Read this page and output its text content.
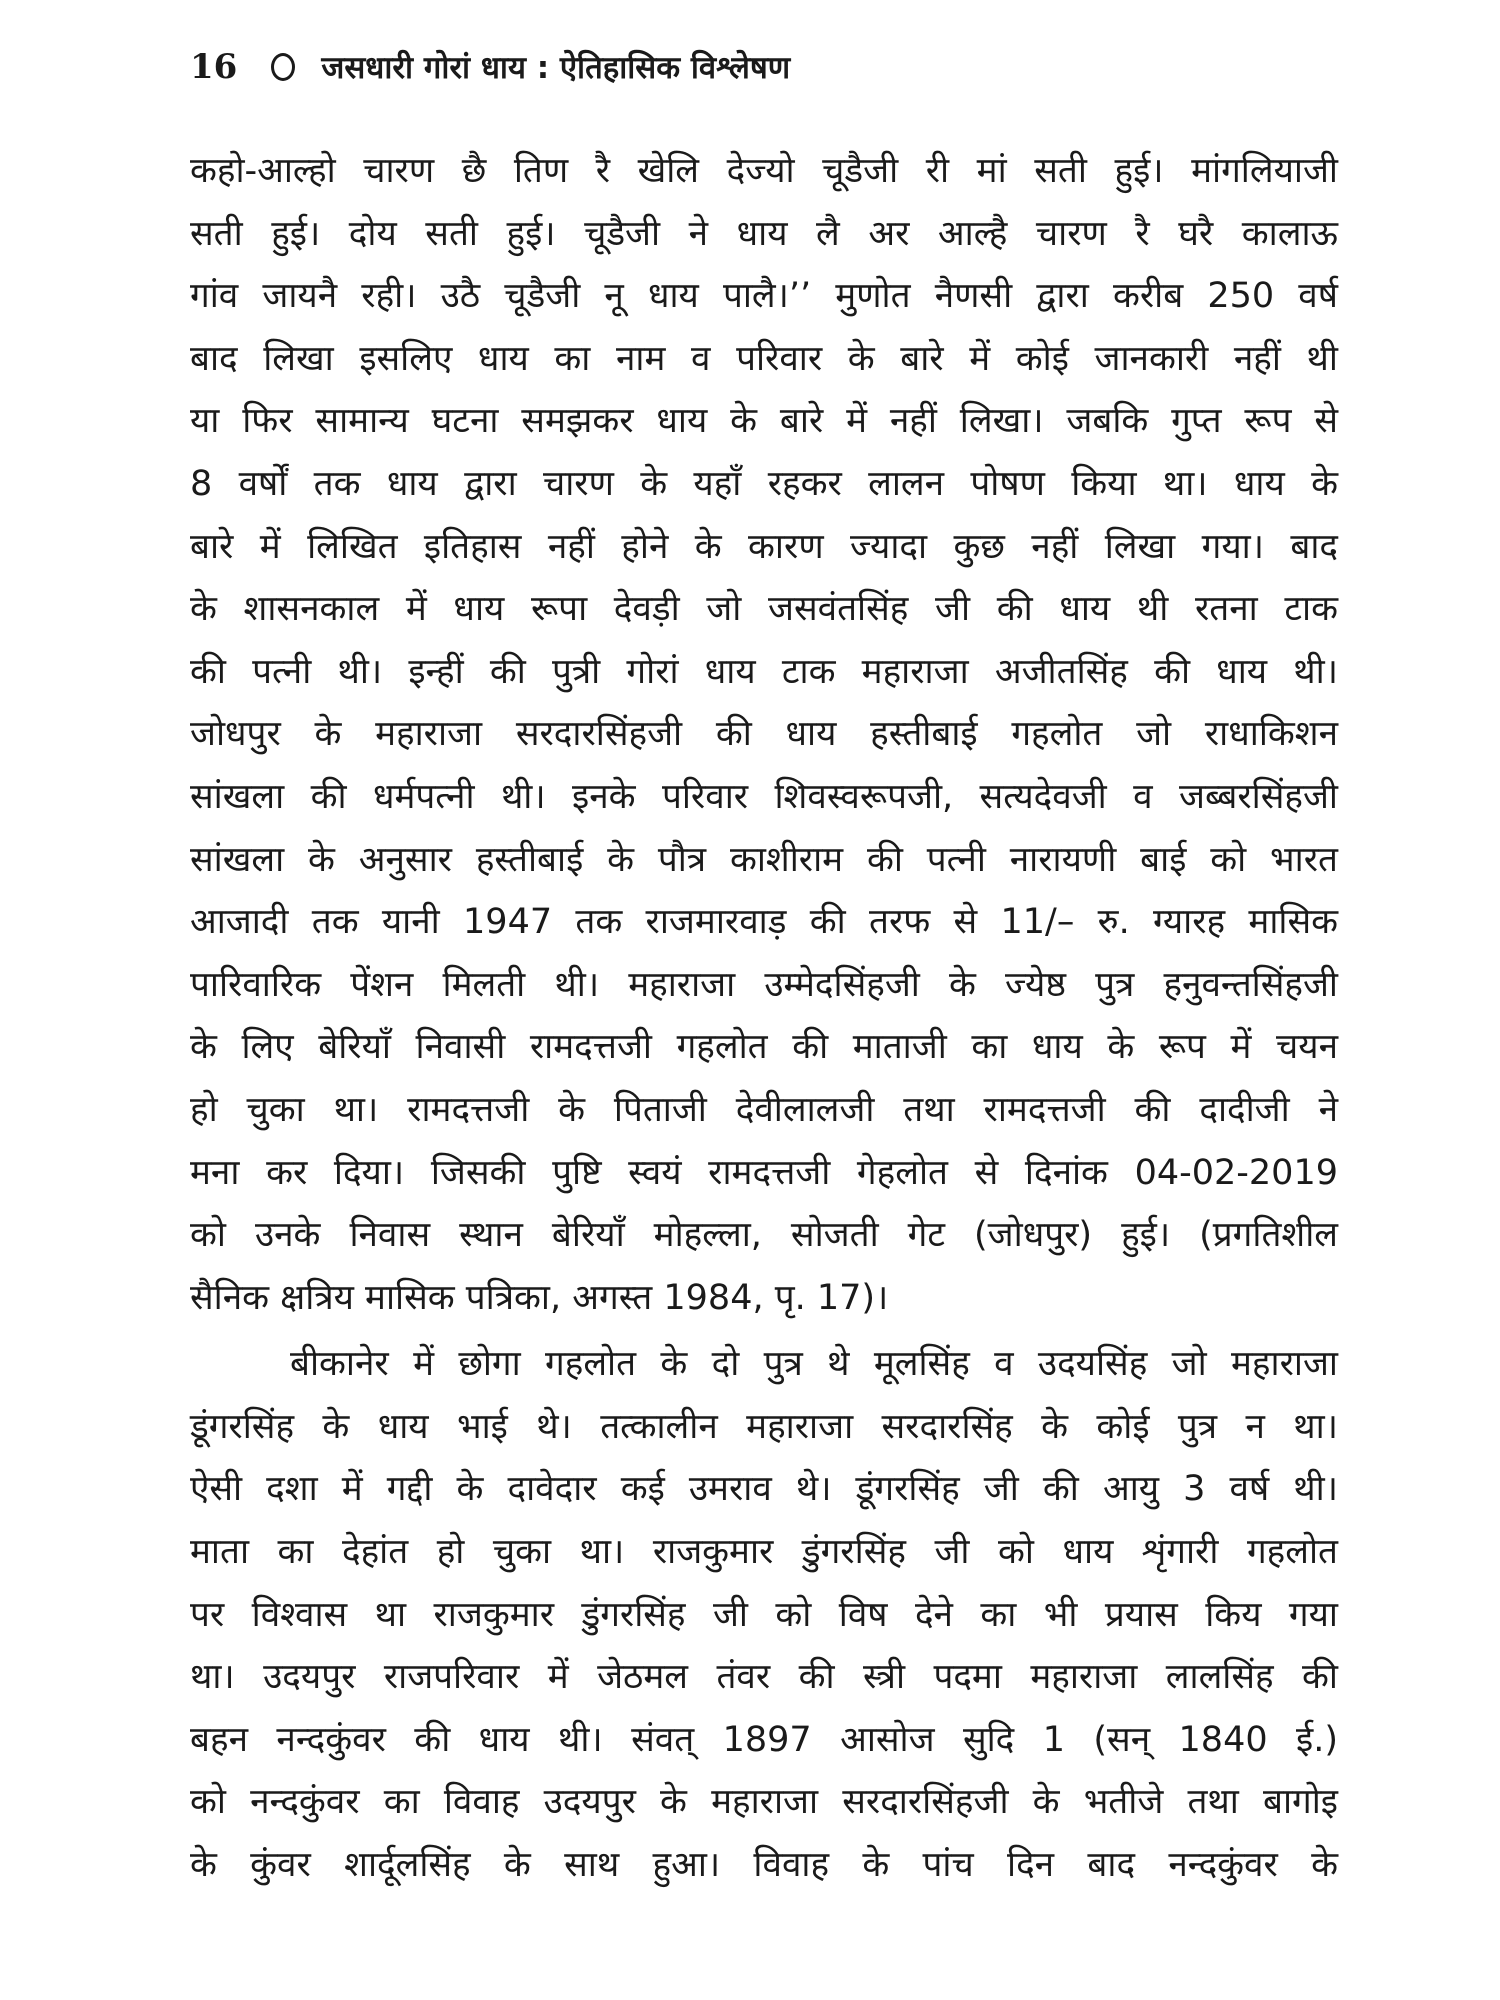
16	जसधारी गोरां धाय : ऐतिहासिक विश्लेषण
कहो-आल्हो चारण छै तिण रै खेलि देज्यो चूडैजी री मां सती हुई। मांगलियाजी
सती हुई। दोय सती हुई। चूडैजी ने धाय लै अर आल्है चारण रै घरै कालाऊ
गांव जायनै रही। उठै चूडैजी नू धाय पालै।’’ मुणोत नैणसी द्वारा करीब 250 वर्ष
बाद लिखा इसलिए धाय का नाम व परिवार के बारे में कोई जानकारी नहीं थी
या फिर सामान्य घटना समझकर धाय के बारे में नहीं लिखा। जबकि गुप्त रूप से
8 वर्षों तक धाय द्वारा चारण के यहाँ रहकर लालन पोषण किया था। धाय के
बारे में लिखित इतिहास नहीं होने के कारण ज्यादा कुछ नहीं लिखा गया। बाद
के शासनकाल में धाय रूपा देवड़ी जो जसवंतसिंह जी की धाय थी रतना टाक
की पत्नी थी। इन्हीं की पुत्री गोरां धाय टाक महाराजा अजीतसिंह की धाय थी।
जोधपुर के महाराजा सरदारसिंहजी की धाय हस्तीबाई गहलोत जो राधाकिशन
सांखला की धर्मपत्नी थी। इनके परिवार शिवस्वरूपजी, सत्यदेवजी व जब्बरसिंहजी
सांखला के अनुसार हस्तीबाई के पौत्र काशीराम की पत्नी नारायणी बाई को भारत
आजादी तक यानी 1947 तक राजमारवाड़ की तरफ से 11/– रु. ग्यारह मासिक
पारिवारिक पेंशन मिलती थी। महाराजा उम्मेदसिंहजी के ज्येष्ठ पुत्र हनुवन्तसिंहजी
के लिए बेरियाँ निवासी रामदत्तजी गहलोत की माताजी का धाय के रूप में चयन
हो चुका था। रामदत्तजी के पिताजी देवीलालजी तथा रामदत्तजी की दादीजी ने
मना कर दिया। जिसकी पुष्टि स्वयं रामदत्तजी गेहलोत से दिनांक 04-02-2019
को उनके निवास स्थान बेरियाँ मोहल्ला, सोजती गेट (जोधपुर) हुई। (प्रगतिशील
सैनिक क्षत्रिय मासिक पत्रिका, अगस्त 1984, पृ. 17)।
बीकानेर में छोगा गहलोत के दो पुत्र थे मूलसिंह व उदयसिंह जो महाराजा
डूंगरसिंह के धाय भाई थे। तत्कालीन महाराजा सरदारसिंह के कोई पुत्र न था।
ऐसी दशा में गद्दी के दावेदार कई उमराव थे। डूंगरसिंह जी की आयु 3 वर्ष थी।
माता का देहांत हो चुका था। राजकुमार डुंगरसिंह जी को धाय शृंगारी गहलोत
पर विश्वास था राजकुमार डुंगरसिंह जी को विष देने का भी प्रयास किय गया
था। उदयपुर राजपरिवार में जेठमल तंवर की स्त्री पदमा महाराजा लालसिंह की
बहन नन्दकुंवर की धाय थी। संवत् 1897 आसोज सुदि 1 (सन् 1840 ई.)
को नन्दकुंवर का विवाह उदयपुर के महाराजा सरदारसिंहजी के भतीजे तथा बागोइ
के कुंवर शार्दूलसिंह के साथ हुआ। विवाह के पांच दिन बाद नन्दकुंवर के
